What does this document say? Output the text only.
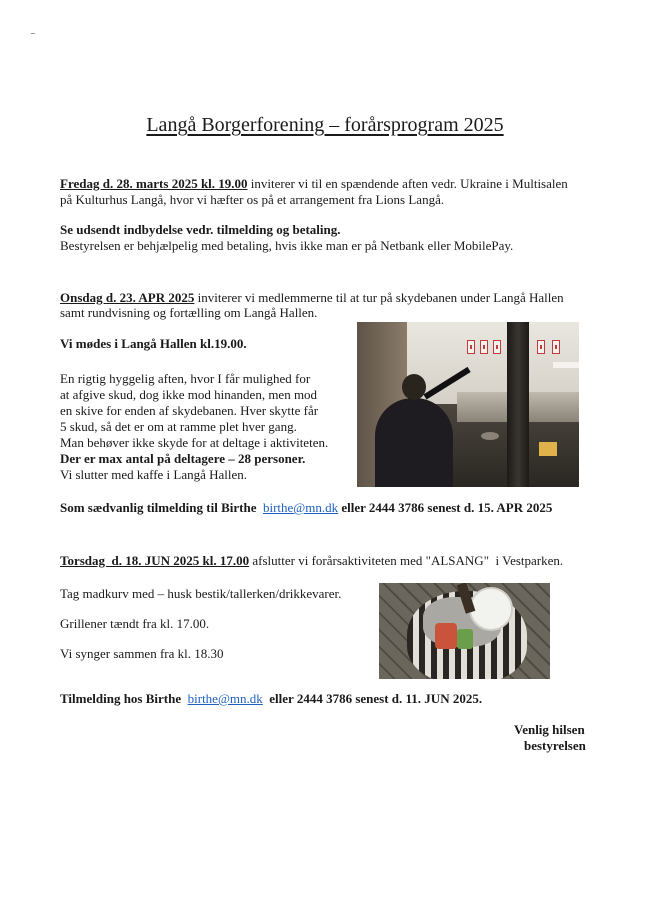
Langå Borgerforening – forårsprogram 2025
Fredag d. 28. marts 2025 kl. 19.00 inviterer vi til en spændende aften vedr. Ukraine i Multisalen
på Kulturhus Langå, hvor vi hæfter os på et arrangement fra Lions Langå.
Se udsendt indbydelse vedr. tilmelding og betaling.
Bestyrelsen er behjælpelig med betaling, hvis ikke man er på Netbank eller MobilePay.
Onsdag d. 23. APR 2025 inviterer vi medlemmerne til at tur på skydebanen under Langå Hallen
samt rundvisning og fortælling om Langå Hallen.
Vi mødes i Langå Hallen kl.19.00.
En rigtig hyggelig aften, hvor I får mulighed for
at afgive skud, dog ikke mod hinanden, men mod
en skive for enden af skydebanen. Hver skytte får
5 skud, så det er om at ramme plet hver gang.
Man behøver ikke skyde for at deltage i aktiviteten.
Der er max antal på deltagere – 28 personer.
Vi slutter med kaffe i Langå Hallen.
Som sædvanlig tilmelding til Birthe birthe@mn.dk eller 2444 3786 senest d. 15. APR 2025
Torsdag  d. 18. JUN 2025 kl. 17.00 afslutter vi forårsaktiviteten med "ALSANG"  i Vestparken.
Tag madkurv med – husk bestik/tallerken/drikkevarer.
Grillener tændt fra kl. 17.00.
Vi synger sammen fra kl. 18.30
Tilmelding hos Birthe birthe@mn.dk eller 2444 3786 senest d. 11. JUN 2025.
Venlig hilsen
bestyrelsen
